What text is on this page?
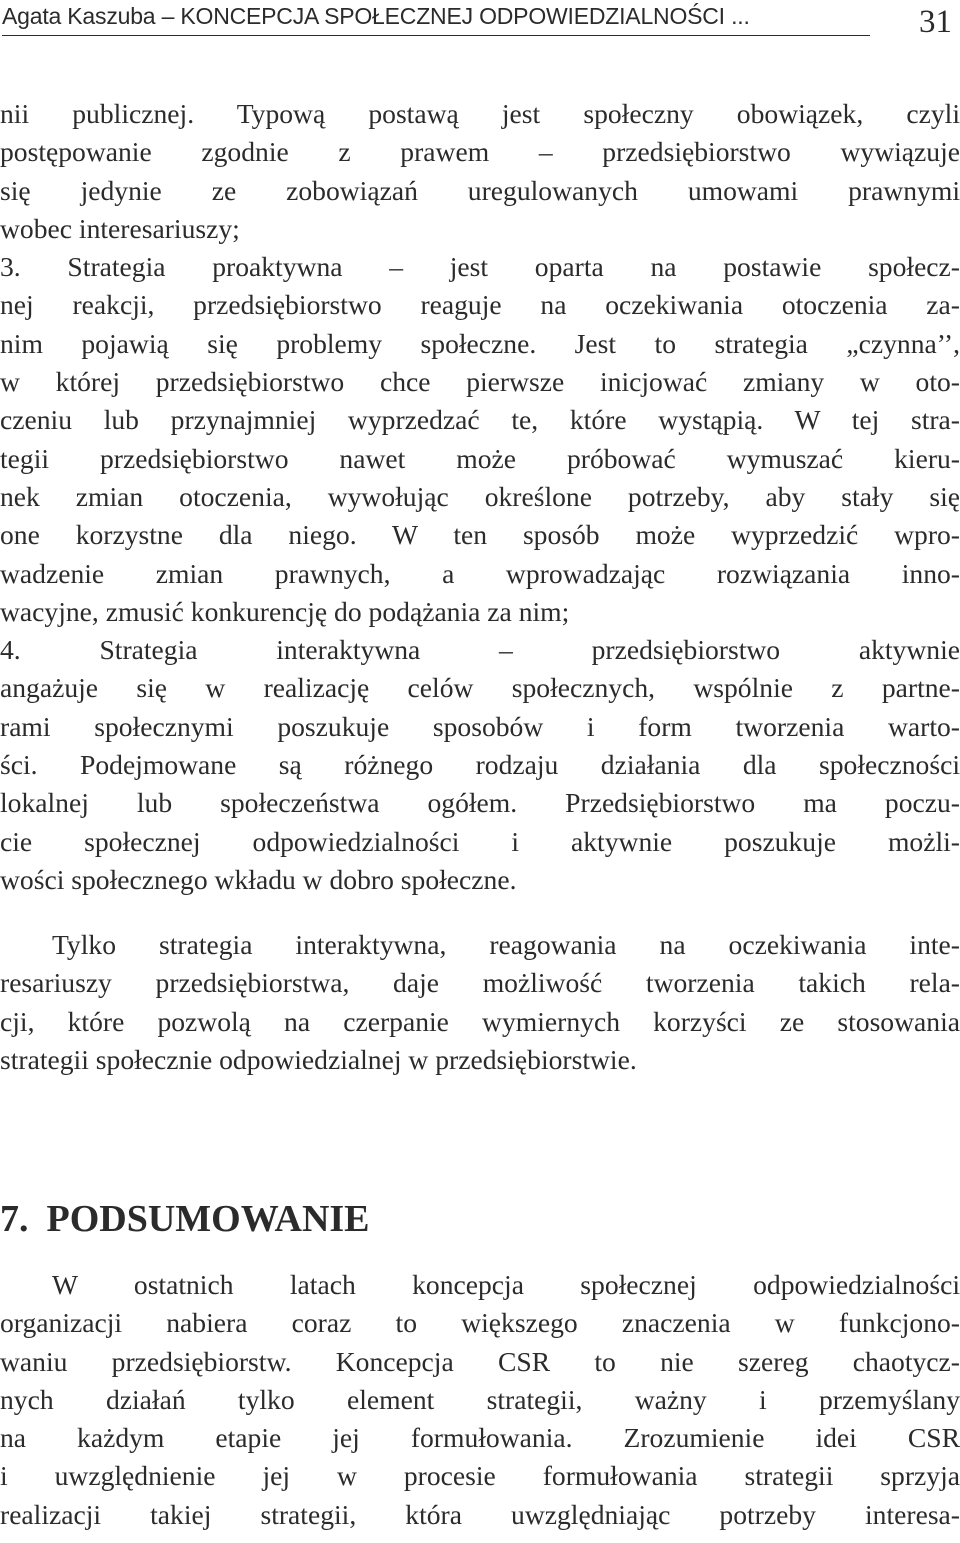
Agata Kaszuba – KONCEPCJA SPOŁECZNEJ ODPOWIEDZIALNOŚCI ...	31
nii publicznej. Typową postawą jest społeczny obowiązek, czyli
postępowanie zgodnie z prawem – przedsiębiorstwo wywiązuje
się jedynie ze zobowiązań uregulowanych umowami prawnymi
wobec interesariuszy;
3. Strategia proaktywna – jest oparta na postawie społecz-
nej reakcji, przedsiębiorstwo reaguje na oczekiwania otoczenia za-
nim pojawią się problemy społeczne. Jest to strategia „czynna’’,
w której przedsiębiorstwo chce pierwsze inicjować zmiany w oto-
czeniu lub przynajmniej wyprzedzać te, które wystąpią. W tej stra-
tegii przedsiębiorstwo nawet może próbować wymuszać kieru-
nek zmian otoczenia, wywołując określone potrzeby, aby stały się
one korzystne dla niego. W ten sposób może wyprzedzić wpro-
wadzenie zmian prawnych, a wprowadzając rozwiązania inno-
wacyjne, zmusić konkurencję do podążania za nim;
4. Strategia interaktywna – przedsiębiorstwo aktywnie
angażuje się w realizację celów społecznych, wspólnie z partne-
rami społecznymi poszukuje sposobów i form tworzenia warto-
ści. Podejmowane są różnego rodzaju działania dla społeczności
lokalnej lub społeczeństwa ogółem. Przedsiębiorstwo ma poczu-
cie społecznej odpowiedzialności i aktywnie poszukuje możli-
wości społecznego wkładu w dobro społeczne.
Tylko strategia interaktywna, reagowania na oczekiwania inte-
resariuszy przedsiębiorstwa, daje możliwość tworzenia takich rela-
cji, które pozwolą na czerpanie wymiernych korzyści ze stosowania
strategii społecznie odpowiedzialnej w przedsiębiorstwie.
7. PODSUMOWANIE
W ostatnich latach koncepcja społecznej odpowiedzialności
organizacji nabiera coraz to większego znaczenia w funkcjono-
waniu przedsiębiorstw. Koncepcja CSR to nie szereg chaotycz-
nych działań tylko element strategii, ważny i przemyślany
na każdym etapie jej formułowania. Zrozumienie idei CSR
i uwzględnienie jej w procesie formułowania strategii sprzyja
realizacji takiej strategii, która uwzględniając potrzeby interesa-
